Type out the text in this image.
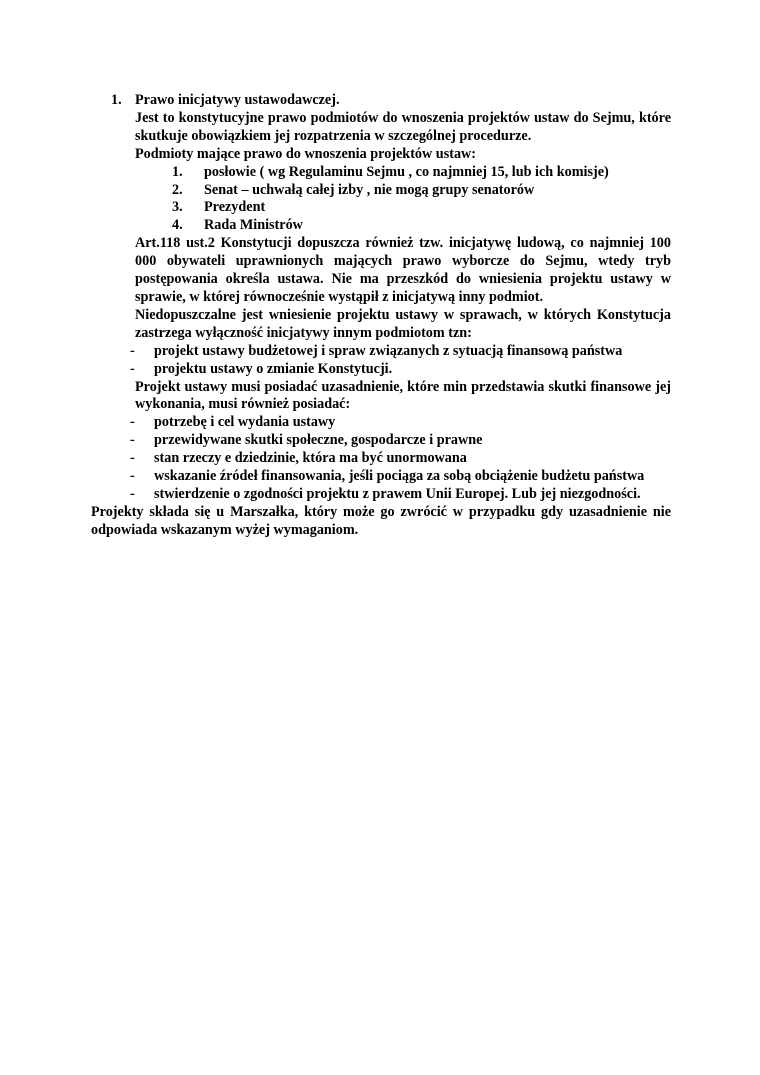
1. Prawo inicjatywy ustawodawczej.
Jest to konstytucyjne prawo podmiotów do wnoszenia projektów ustaw do Sejmu, które skutkuje obowiązkiem jej rozpatrzenia w szczególnej procedurze.
Podmioty mające prawo do wnoszenia projektów ustaw:
1. posłowie ( wg Regulaminu Sejmu , co najmniej 15, lub ich komisje)
2. Senat – uchwałą całej izby , nie mogą grupy senatorów
3. Prezydent
4. Rada Ministrów
Art.118 ust.2 Konstytucji dopuszcza również tzw. inicjatywę ludową, co najmniej 100 000 obywateli uprawnionych mających prawo wyborcze do Sejmu, wtedy tryb postępowania określa ustawa. Nie ma przeszkód do wniesienia projektu ustawy w sprawie, w której równocześnie wystąpił z inicjatywą inny podmiot.
Niedopuszczalne jest wniesienie projektu ustawy w sprawach, w których Konstytucja zastrzega wyłączność inicjatywy innym podmiotom tzn:
- projekt ustawy budżetowej i spraw związanych z sytuacją finansową państwa
- projektu ustawy o zmianie Konstytucji.
Projekt ustawy musi posiadać uzasadnienie, które min przedstawia skutki finansowe jej wykonania, musi również posiadać:
- potrzebę i cel wydania ustawy
- przewidywane skutki społeczne, gospodarcze i prawne
- stan rzeczy e dziedzinie, która ma być unormowana
- wskazanie źródeł finansowania, jeśli pociąga za sobą obciążenie budżetu państwa
- stwierdzenie o zgodności projektu z prawem Unii Europej. Lub jej niezgodności.
Projekty składa się u Marszałka, który może go zwrócić w przypadku gdy uzasadnienie nie odpowiada wskazanym wyżej wymaganiom.
